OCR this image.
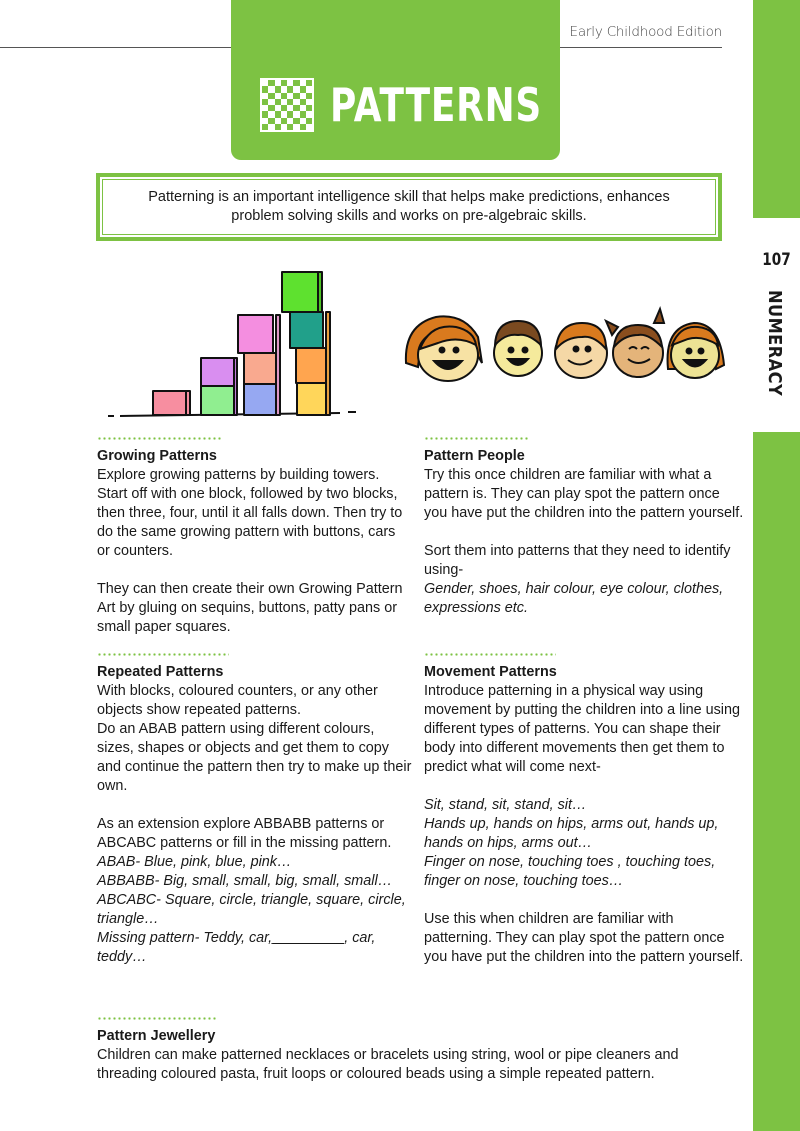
Early Childhood Edition
PATTERNS
107
NUMERACY
Patterning is an important intelligence skill that helps make predictions, enhances problem solving skills and works on pre-algebraic skills.
Growing Patterns

Explore growing patterns by building towers. Start off with one block, followed by two blocks, then three, four, until it all falls down. Then try to do the same growing pattern with buttons, cars or counters.

They can then create their own Growing Pattern Art by gluing on sequins, buttons, patty pans or small paper squares.

Repeated Patterns

With blocks, coloured counters, or any other objects show repeated patterns.

Do an ABAB pattern using different colours, sizes, shapes or objects and get them to copy and continue the pattern then try to make up their own.

As an extension explore ABBABB patterns or ABCABC patterns or fill in the missing pattern.

ABAB- Blue, pink, blue, pink…

ABBABB- Big, small, small, big, small, small…

ABCABC- Square, circle, triangle, square, circle, triangle…

Missing pattern- Teddy, car,_________, car, teddy…

Pattern People

Try this once children are familiar with what a pattern is. They can play spot the pattern once you have put the children into the pattern yourself.

Sort them into patterns that they need to identify using-

Gender, shoes, hair colour, eye colour, clothes, expressions etc.

Movement Patterns

Introduce patterning in a physical way using movement by putting the children into a line using different types of patterns. You can shape their body into different movements then get them to predict what will come next-

Sit, stand, sit, stand, sit…

Hands up, hands on hips, arms out, hands up, hands on hips, arms out…

Finger on nose, touching toes , touching toes, finger on nose, touching toes…

Use this when children are familiar with patterning. They can play spot the pattern once you have put the children into the pattern yourself.

Pattern Jewellery

Children can make patterned necklaces or bracelets using string, wool or pipe cleaners and threading coloured pasta, fruit loops or coloured beads using a simple repeated pattern.
